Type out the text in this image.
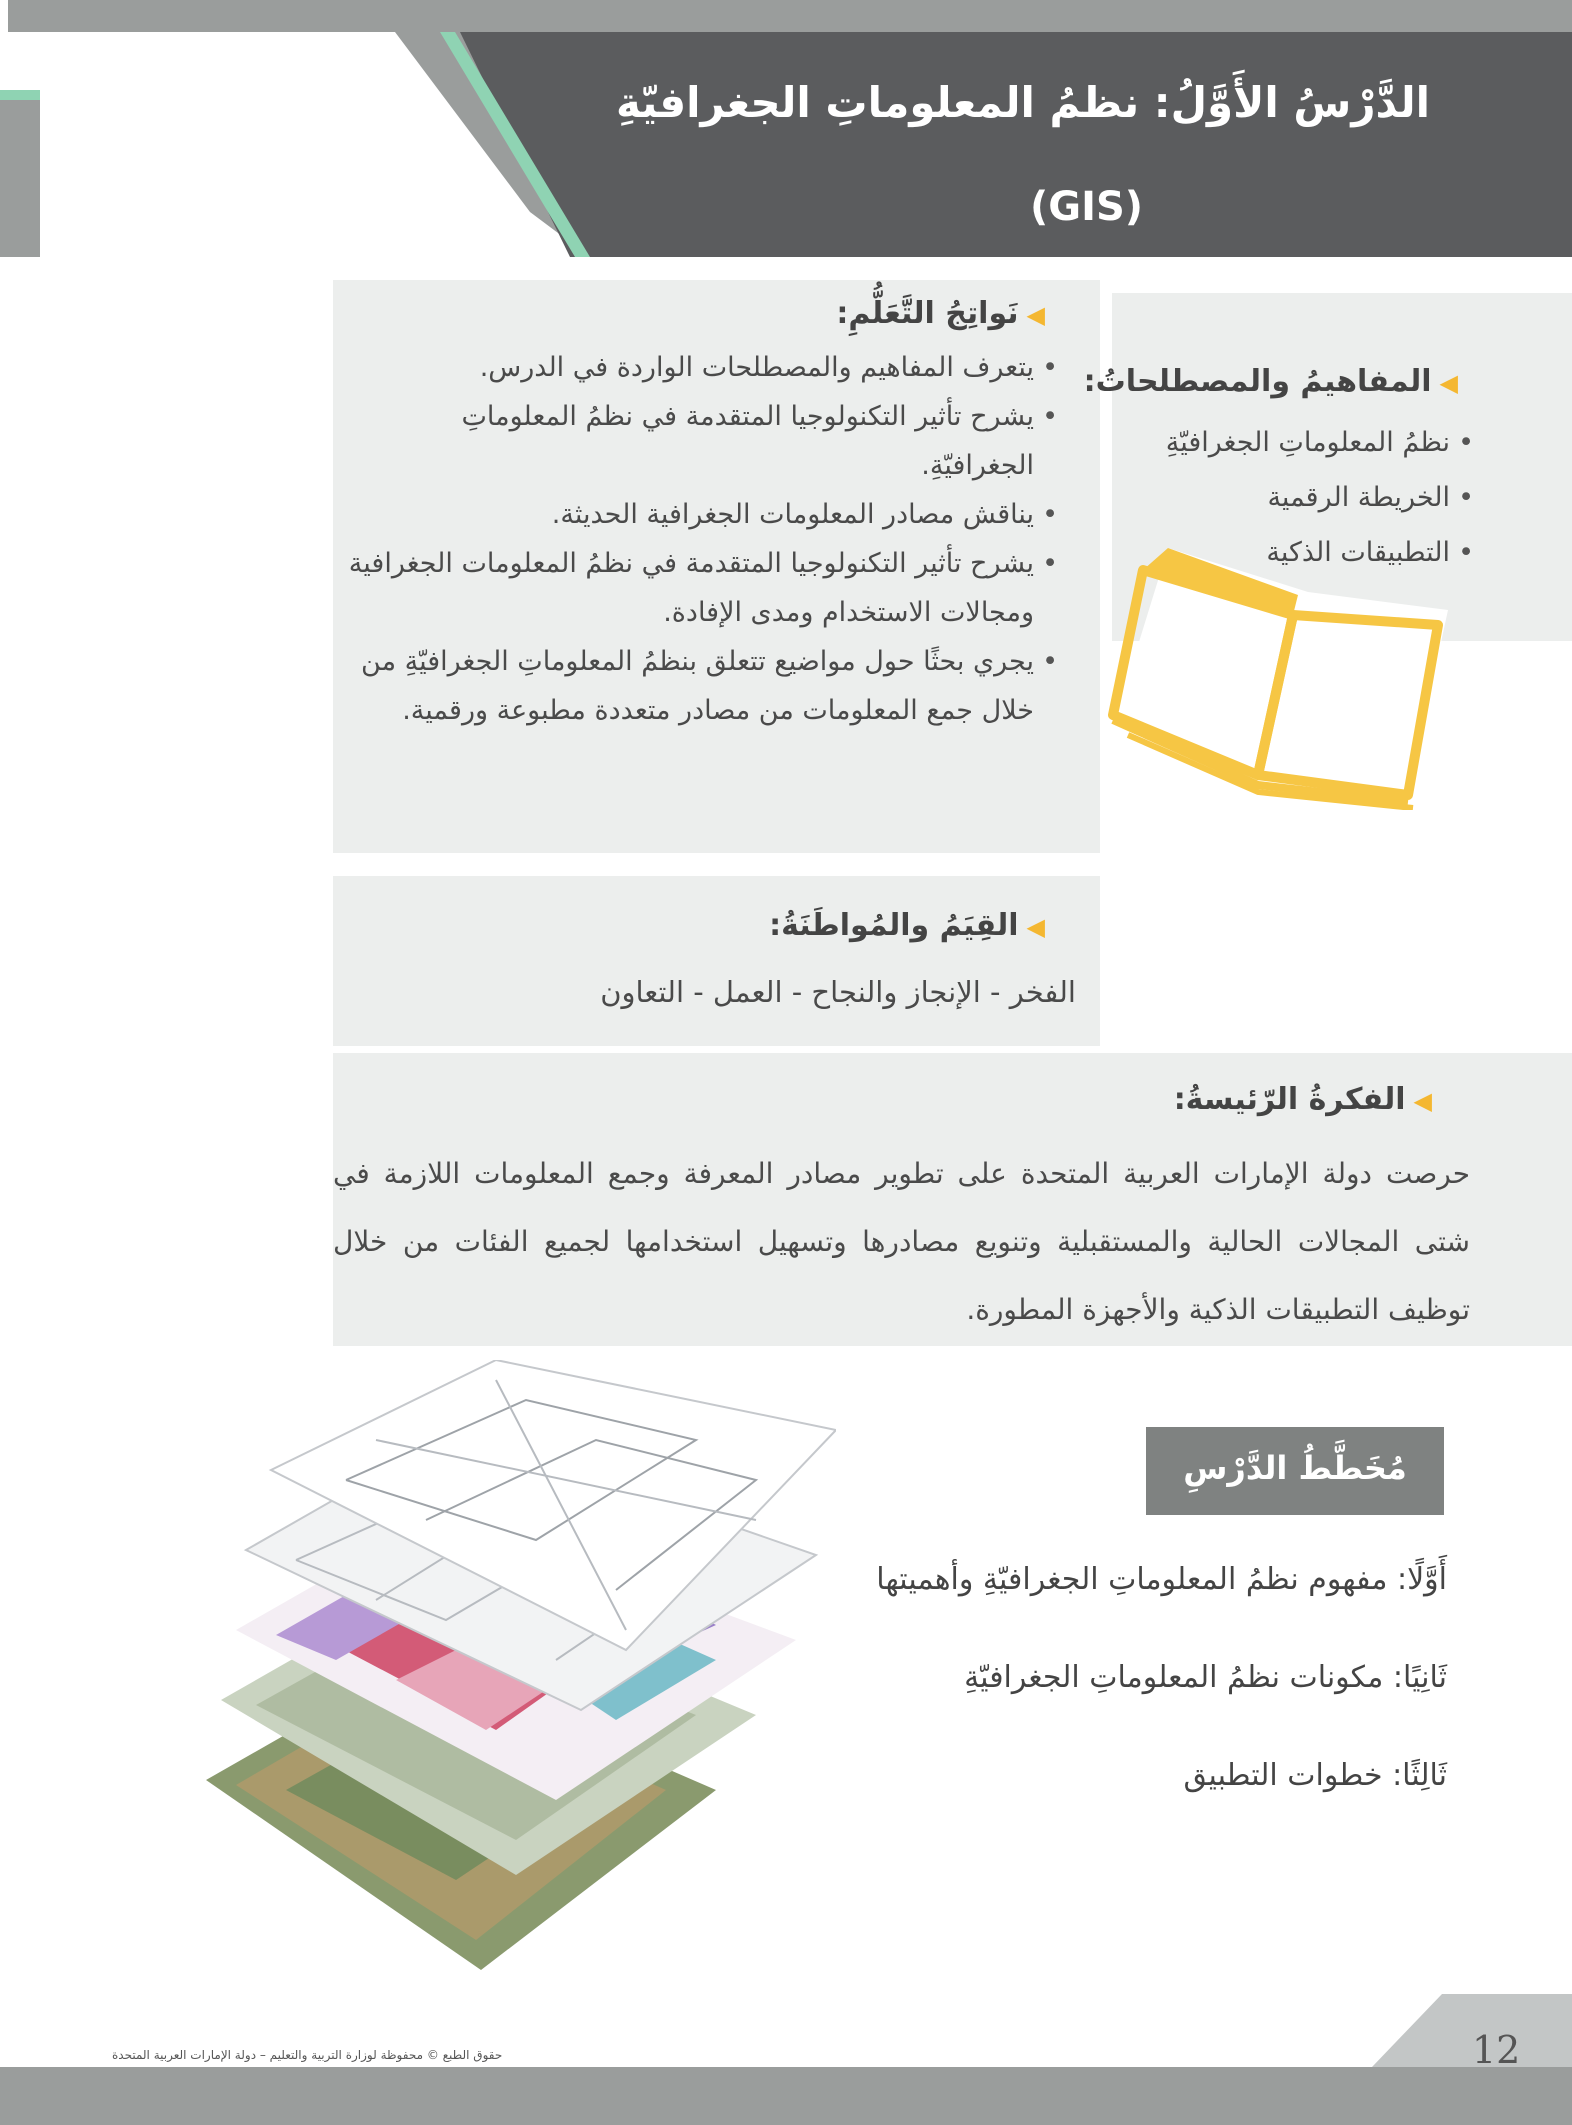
الدَّرْسُ الأَوَّلُ: نظمُ المعلوماتِ الجغرافيّةِ
(GIS)
◀نَواتِجُ التَّعَلُّمِ:
• يتعرف المفاهيم والمصطلحات الواردة في الدرس.
• يشرح تأثير التكنولوجيا المتقدمة في نظمُ المعلوماتِ الجغرافيّةِ.
• يناقش مصادر المعلومات الجغرافية الحديثة.
• يشرح تأثير التكنولوجيا المتقدمة في نظمُ المعلومات الجغرافية ومجالات الاستخدام ومدى الإفادة.
• يجري بحثًا حول مواضيع تتعلق بنظمُ المعلوماتِ الجغرافيّةِ من خلال جمع المعلومات من مصادر متعددة مطبوعة ورقمية.
◀المفاهيمُ والمصطلحاتُ:
• نظمُ المعلوماتِ الجغرافيّةِ
• الخريطة الرقمية
• التطبيقات الذكية
◀القِيَمُ والمُواطَنَةُ:
الفخر - الإنجاز والنجاح - العمل - التعاون
◀الفكرةُ الرّئيسةُ:
حرصت دولة الإمارات العربية المتحدة على تطوير مصادر المعرفة وجمع المعلومات اللازمة في شتى المجالات الحالية والمستقبلية وتنويع مصادرها وتسهيل استخدامها لجميع الفئات من خلال توظيف التطبيقات الذكية والأجهزة المطورة.
مُخَطَّطُ الدَّرْسِ
أَوَّلًا: مفهوم نظمُ المعلوماتِ الجغرافيّةِ وأهميتها
ثَانِيًا: مكونات نظمُ المعلوماتِ الجغرافيّةِ
ثَالِثًا: خطوات التطبيق
12
حقوق الطبع © محفوظة لوزارة التربية والتعليم – دولة الإمارات العربية المتحدة
